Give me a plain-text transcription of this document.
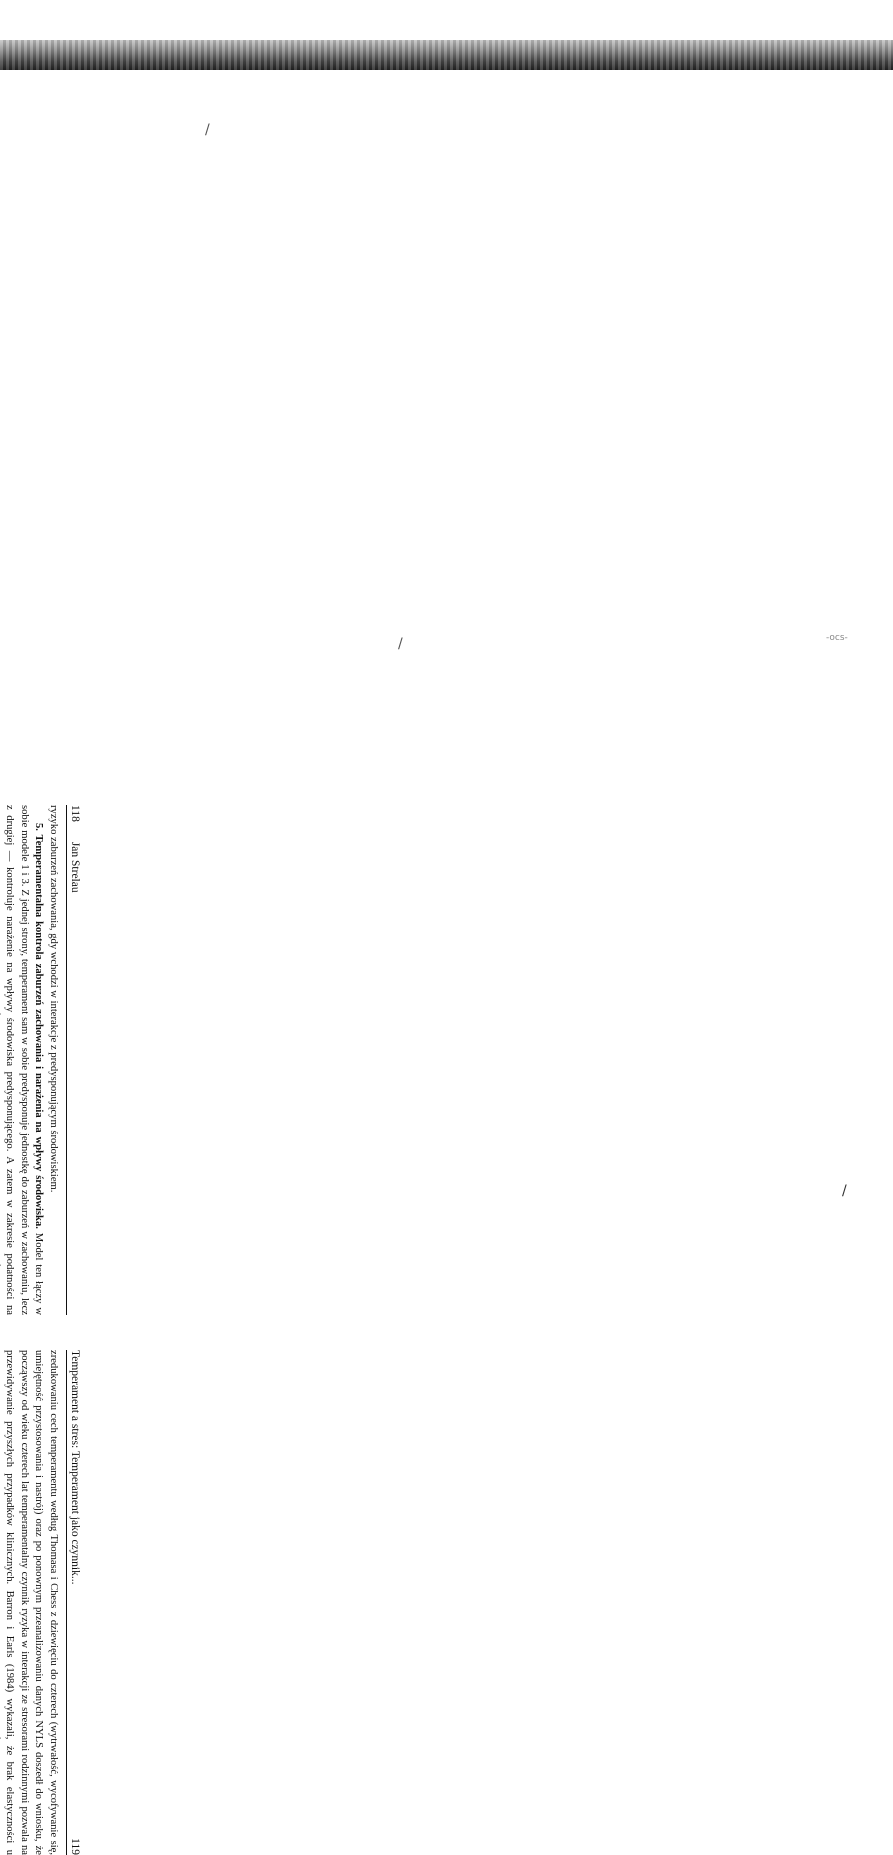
118
Jan Strelau

ryzyko zaburzeń zachowania, gdy wchodzi w interakcje z predysponującym środowiskiem.

5. Temperamentalna kontrola zaburzeń zachowania i narażenia na wpływy środowiska. Model ten łączy w sobie modele 1 i 3. Z jednej strony, temperament sam w sobie predysponuje jednostkę do zaburzeń w zachowaniu, lecz z drugiej — kontroluje narażenie na wpływy środowiska predysponującego. A zatem w zakresie podatności na

Temperament a stres: Temperament jako czynnik...
119

zredukowaniu cech temperamentu według Thomasa i Chess z dziewięciu do czterech (wytrwałość, wycofywanie się, umiejętność przystosowania i nastrój) oraz po ponownym przeanalizowaniu danych NYLS doszedł do wniosku, że począwszy od wieku czterech lat temperamentalny czynnik ryzyka w interakcji ze stresorami rodzinnymi pozwala na przewidywanie przyszłych przypadków klinicznych. Barron i Earls (1984) wykazali, że brak elastyczności u

/
/	-ocs-
/
